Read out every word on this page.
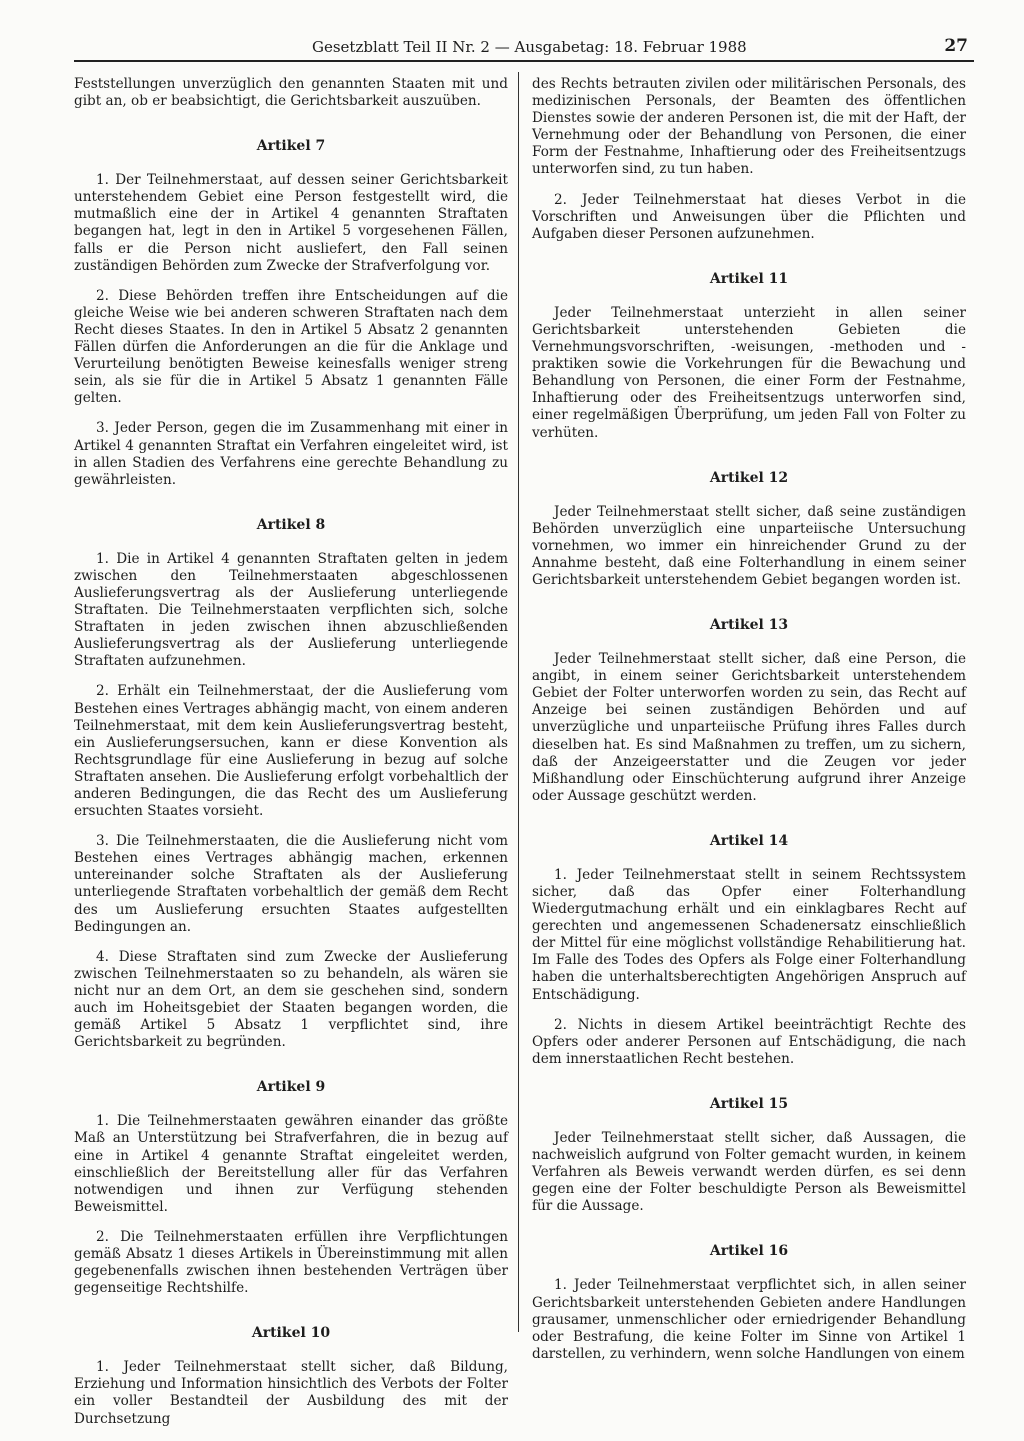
Gesetzblatt Teil II Nr. 2 — Ausgabetag: 18. Februar 1988	27

Feststellungen unverzüglich den genannten Staaten mit und gibt an, ob er beabsichtigt, die Gerichtsbarkeit auszuüben.

Artikel 7

1. Der Teilnehmerstaat, auf dessen seiner Gerichtsbarkeit unterstehendem Gebiet eine Person festgestellt wird, die mutmaßlich eine der in Artikel 4 genannten Straftaten begangen hat, legt in den in Artikel 5 vorgesehenen Fällen, falls er die Person nicht ausliefert, den Fall seinen zuständigen Behörden zum Zwecke der Strafverfolgung vor.

2. Diese Behörden treffen ihre Entscheidungen auf die gleiche Weise wie bei anderen schweren Straftaten nach dem Recht dieses Staates. In den in Artikel 5 Absatz 2 genannten Fällen dürfen die Anforderungen an die für die Anklage und Verurteilung benötigten Beweise keinesfalls weniger streng sein, als sie für die in Artikel 5 Absatz 1 genannten Fälle gelten.

3. Jeder Person, gegen die im Zusammenhang mit einer in Artikel 4 genannten Straftat ein Verfahren eingeleitet wird, ist in allen Stadien des Verfahrens eine gerechte Behandlung zu gewährleisten.

Artikel 8

1. Die in Artikel 4 genannten Straftaten gelten in jedem zwischen den Teilnehmerstaaten abgeschlossenen Auslieferungsvertrag als der Auslieferung unterliegende Straftaten. Die Teilnehmerstaaten verpflichten sich, solche Straftaten in jeden zwischen ihnen abzuschließenden Auslieferungsvertrag als der Auslieferung unterliegende Straftaten aufzunehmen.

2. Erhält ein Teilnehmerstaat, der die Auslieferung vom Bestehen eines Vertrages abhängig macht, von einem anderen Teilnehmerstaat, mit dem kein Auslieferungsvertrag besteht, ein Auslieferungsersuchen, kann er diese Konvention als Rechtsgrundlage für eine Auslieferung in bezug auf solche Straftaten ansehen. Die Auslieferung erfolgt vorbehaltlich der anderen Bedingungen, die das Recht des um Auslieferung ersuchten Staates vorsieht.

3. Die Teilnehmerstaaten, die die Auslieferung nicht vom Bestehen eines Vertrages abhängig machen, erkennen untereinander solche Straftaten als der Auslieferung unterliegende Straftaten vorbehaltlich der gemäß dem Recht des um Auslieferung ersuchten Staates aufgestellten Bedingungen an.

4. Diese Straftaten sind zum Zwecke der Auslieferung zwischen Teilnehmerstaaten so zu behandeln, als wären sie nicht nur an dem Ort, an dem sie geschehen sind, sondern auch im Hoheitsgebiet der Staaten begangen worden, die gemäß Artikel 5 Absatz 1 verpflichtet sind, ihre Gerichtsbarkeit zu begründen.

Artikel 9

1. Die Teilnehmerstaaten gewähren einander das größte Maß an Unterstützung bei Strafverfahren, die in bezug auf eine in Artikel 4 genannte Straftat eingeleitet werden, einschließlich der Bereitstellung aller für das Verfahren notwendigen und ihnen zur Verfügung stehenden Beweismittel.

2. Die Teilnehmerstaaten erfüllen ihre Verpflichtungen gemäß Absatz 1 dieses Artikels in Übereinstimmung mit allen gegebenenfalls zwischen ihnen bestehenden Verträgen über gegenseitige Rechtshilfe.

Artikel 10

1. Jeder Teilnehmerstaat stellt sicher, daß Bildung, Erziehung und Information hinsichtlich des Verbots der Folter ein voller Bestandteil der Ausbildung des mit der Durchsetzung

des Rechts betrauten zivilen oder militärischen Personals, des medizinischen Personals, der Beamten des öffentlichen Dienstes sowie der anderen Personen ist, die mit der Haft, der Vernehmung oder der Behandlung von Personen, die einer Form der Festnahme, Inhaftierung oder des Freiheitsentzugs unterworfen sind, zu tun haben.

2. Jeder Teilnehmerstaat hat dieses Verbot in die Vorschriften und Anweisungen über die Pflichten und Aufgaben dieser Personen aufzunehmen.

Artikel 11

Jeder Teilnehmerstaat unterzieht in allen seiner Gerichtsbarkeit unterstehenden Gebieten die Vernehmungsvorschriften, -weisungen, -methoden und -praktiken sowie die Vorkehrungen für die Bewachung und Behandlung von Personen, die einer Form der Festnahme, Inhaftierung oder des Freiheitsentzugs unterworfen sind, einer regelmäßigen Überprüfung, um jeden Fall von Folter zu verhüten.

Artikel 12

Jeder Teilnehmerstaat stellt sicher, daß seine zuständigen Behörden unverzüglich eine unparteiische Untersuchung vornehmen, wo immer ein hinreichender Grund zu der Annahme besteht, daß eine Folterhandlung in einem seiner Gerichtsbarkeit unterstehendem Gebiet begangen worden ist.

Artikel 13

Jeder Teilnehmerstaat stellt sicher, daß eine Person, die angibt, in einem seiner Gerichtsbarkeit unterstehendem Gebiet der Folter unterworfen worden zu sein, das Recht auf Anzeige bei seinen zuständigen Behörden und auf unverzügliche und unparteiische Prüfung ihres Falles durch dieselben hat. Es sind Maßnahmen zu treffen, um zu sichern, daß der Anzeigeerstatter und die Zeugen vor jeder Mißhandlung oder Einschüchterung aufgrund ihrer Anzeige oder Aussage geschützt werden.

Artikel 14

1. Jeder Teilnehmerstaat stellt in seinem Rechtssystem sicher, daß das Opfer einer Folterhandlung Wiedergutmachung erhält und ein einklagbares Recht auf gerechten und angemessenen Schadenersatz einschließlich der Mittel für eine möglichst vollständige Rehabilitierung hat. Im Falle des Todes des Opfers als Folge einer Folterhandlung haben die unterhaltsberechtigten Angehörigen Anspruch auf Entschädigung.

2. Nichts in diesem Artikel beeinträchtigt Rechte des Opfers oder anderer Personen auf Entschädigung, die nach dem innerstaatlichen Recht bestehen.

Artikel 15

Jeder Teilnehmerstaat stellt sicher, daß Aussagen, die nachweislich aufgrund von Folter gemacht wurden, in keinem Verfahren als Beweis verwandt werden dürfen, es sei denn gegen eine der Folter beschuldigte Person als Beweismittel für die Aussage.

Artikel 16

1. Jeder Teilnehmerstaat verpflichtet sich, in allen seiner Gerichtsbarkeit unterstehenden Gebieten andere Handlungen grausamer, unmenschlicher oder erniedrigender Behandlung oder Bestrafung, die keine Folter im Sinne von Artikel 1 darstellen, zu verhindern, wenn solche Handlungen von einem
